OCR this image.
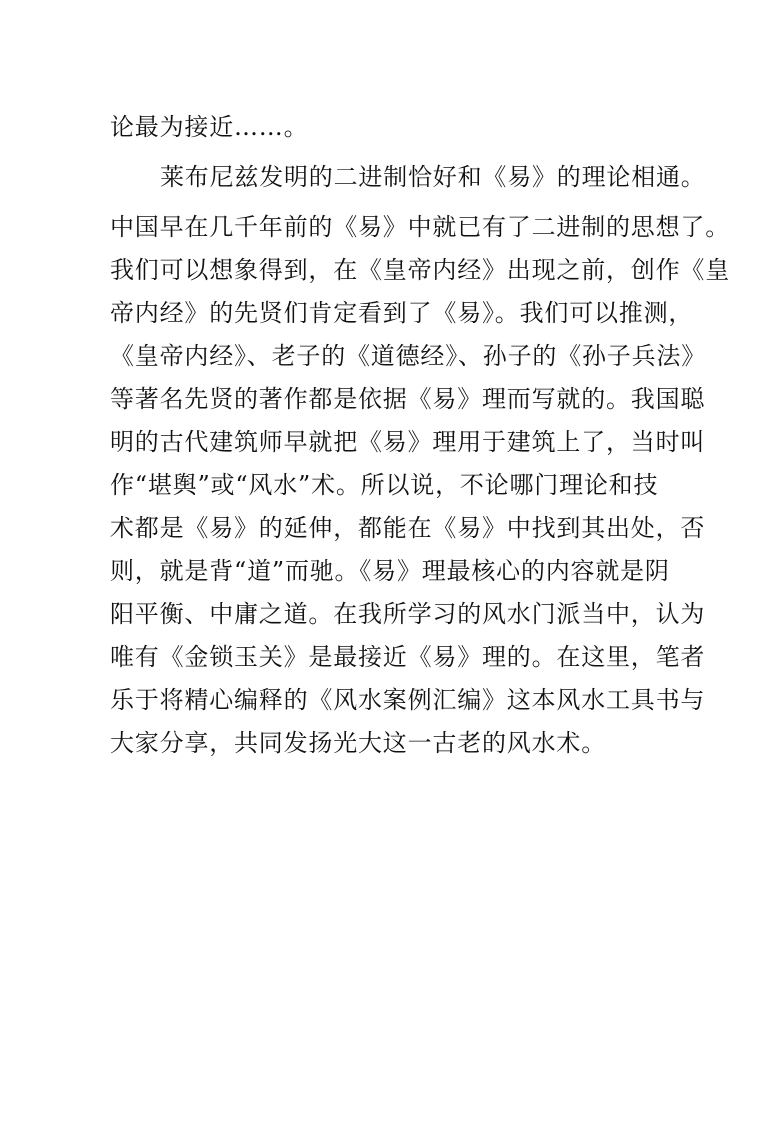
论最为接近……。
莱布尼兹发明的二进制恰好和《易》的理论相通。
中国早在几千年前的《易》中就已有了二进制的思想了。
我们可以想象得到，在《皇帝内经》出现之前，创作《皇
帝内经》的先贤们肯定看到了《易》。我们可以推测，
《皇帝内经》、老子的《道德经》、孙子的《孙子兵法》
等著名先贤的著作都是依据《易》理而写就的。我国聪
明的古代建筑师早就把《易》理用于建筑上了，当时叫
作“堪舆”或“风水”术。所以说，不论哪门理论和技
术都是《易》的延伸，都能在《易》中找到其出处，否
则，就是背“道”而驰。《易》理最核心的内容就是阴
阳平衡、中庸之道。在我所学习的风水门派当中，认为
唯有《金锁玉关》是最接近《易》理的。在这里，笔者
乐于将精心编释的《风水案例汇编》这本风水工具书与
大家分享，共同发扬光大这一古老的风水术。
